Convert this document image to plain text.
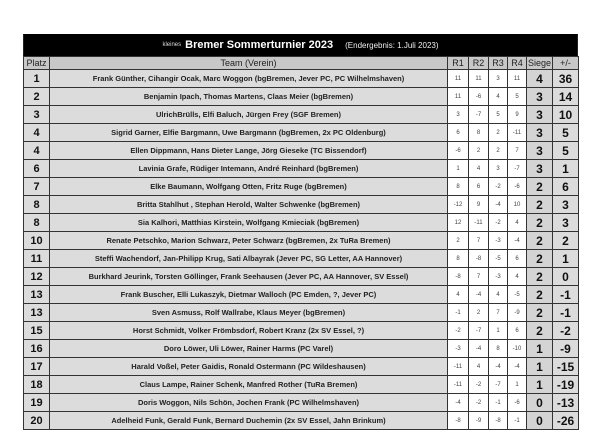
kleines Bremer Sommerturnier 2023 (Endergebnis: 1.Juli 2023)
Platz	Team (Verein)	R1	R2	R3	R4	Siege	+/-
1	Frank Günther, Cihangir Ocak, Marc Woggon (bgBremen, Jever PC, PC Wilhelmshaven)	11	11	3	11	4	36
2	Benjamin Ipach, Thomas Martens, Claas Meier (bgBremen)	11	-6	4	5	3	14
3	UlrichBrülls, Elfi Baluch, Jürgen Frey (SGF Bremen)	3	-7	5	9	3	10
4	Sigrid Garner, Elfie Bargmann, Uwe Bargmann (bgBremen, 2x PC Oldenburg)	6	8	2	-11	3	5
4	Ellen Dippmann, Hans Dieter Lange, Jörg Gieseke (TC Bissendorf)	-6	2	2	7	3	5
6	Lavinia Grafe, Rüdiger Intemann, André Reinhard (bgBremen)	1	4	3	-7	3	1
7	Elke Baumann, Wolfgang Otten, Fritz Ruge (bgBremen)	8	6	-2	-6	2	6
8	Britta Stahlhut , Stephan Herold, Walter Schwenke (bgBremen)	-12	9	-4	10	2	3
8	Sia Kalhori, Matthias Kirstein, Wolfgang Kmieciak (bgBremen)	12	-11	-2	4	2	3
10	Renate Petschko, Marion Schwarz, Peter Schwarz (bgBremen, 2x TuRa Bremen)	2	7	-3	-4	2	2
11	Steffi Wachendorf, Jan-Philipp Krug, Sati Albayrak (Jever PC, SG Letter, AA Hannover)	8	-8	-5	6	2	1
12	Burkhard Jeurink, Torsten Göllinger, Frank Seehausen (Jever PC, AA Hannover, SV Essel)	-8	7	-3	4	2	0
13	Frank Buscher, Elli Lukaszyk, Dietmar Walloch (PC Emden, ?, Jever PC)	4	-4	4	-5	2	-1
13	Sven Asmuss, Rolf Wallrabe, Klaus Meyer (bgBremen)	-1	2	7	-9	2	-1
15	Horst Schmidt, Volker Frömbsdorf, Robert Kranz (2x SV Essel, ?)	-2	-7	1	6	2	-2
16	Doro Löwer, Uli Löwer, Rainer Harms (PC Varel)	-3	-4	8	-10	1	-9
17	Harald Voßel, Peter Gaidis, Ronald Ostermann (PC Wildeshausen)	-11	4	-4	-4	1	-15
18	Claus Lampe, Rainer Schenk, Manfred Rother (TuRa Bremen)	-11	-2	-7	1	1	-19
19	Doris Woggon, Nils Schön, Jochen Frank (PC Wilhelmshaven)	-4	-2	-1	-6	0	-13
20	Adelheid Funk, Gerald Funk, Bernard Duchemin (2x SV Essel, Jahn Brinkum)	-8	-9	-8	-1	0	-26
